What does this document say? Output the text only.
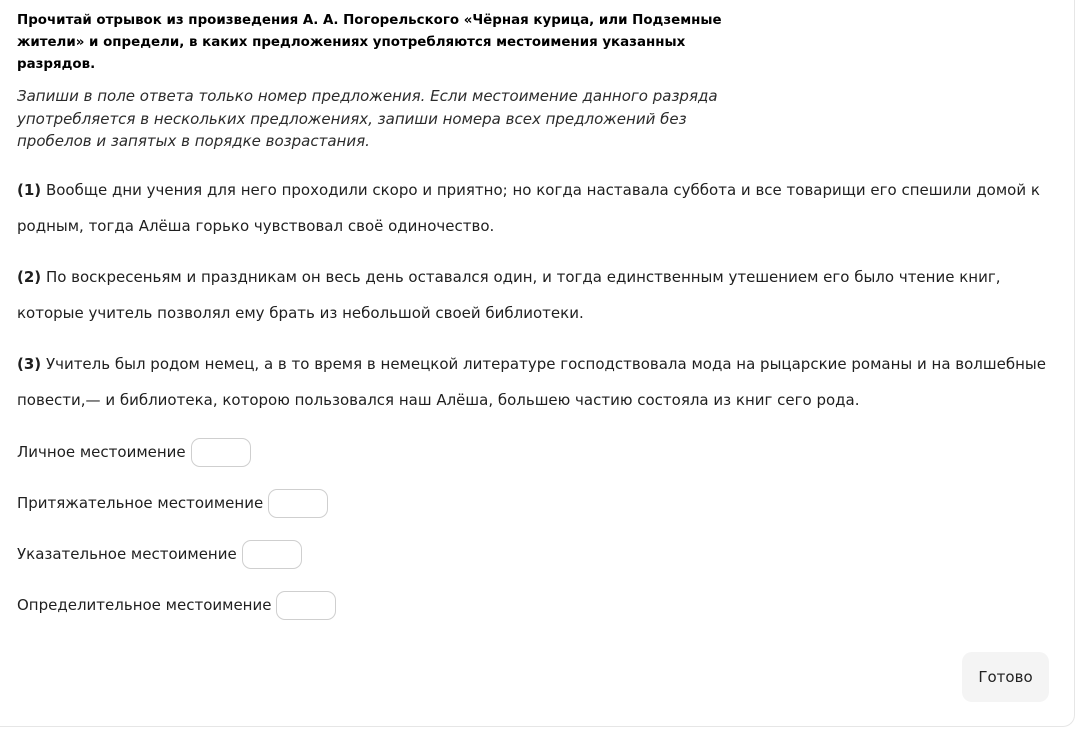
Прочитай отрывок из произведения А. А. Погорельского «Чёрная курица, или Подземные жители» и определи, в каких предложениях употребляются местоимения указанных разрядов.

Запиши в поле ответа только номер предложения. Если местоимение данного разряда употребляется в нескольких предложениях, запиши номера всех предложений без пробелов и запятых в порядке возрастания.

(1) Вообще дни учения для него проходили скоро и приятно; но когда наставала суббота и все товарищи его спешили домой к родным, тогда Алёша горько чувствовал своё одиночество.

(2) По воскресеньям и праздникам он весь день оставался один, и тогда единственным утешением его было чтение книг, которые учитель позволял ему брать из небольшой своей библиотеки.

(3) Учитель был родом немец, а в то время в немецкой литературе господствовала мода на рыцарские романы и на волшебные повести,— и библиотека, которою пользовался наш Алёша, большею частию состояла из книг сего рода.

Личное местоимение
Притяжательное местоимение
Указательное местоимение
Определительное местоимение
Готово
